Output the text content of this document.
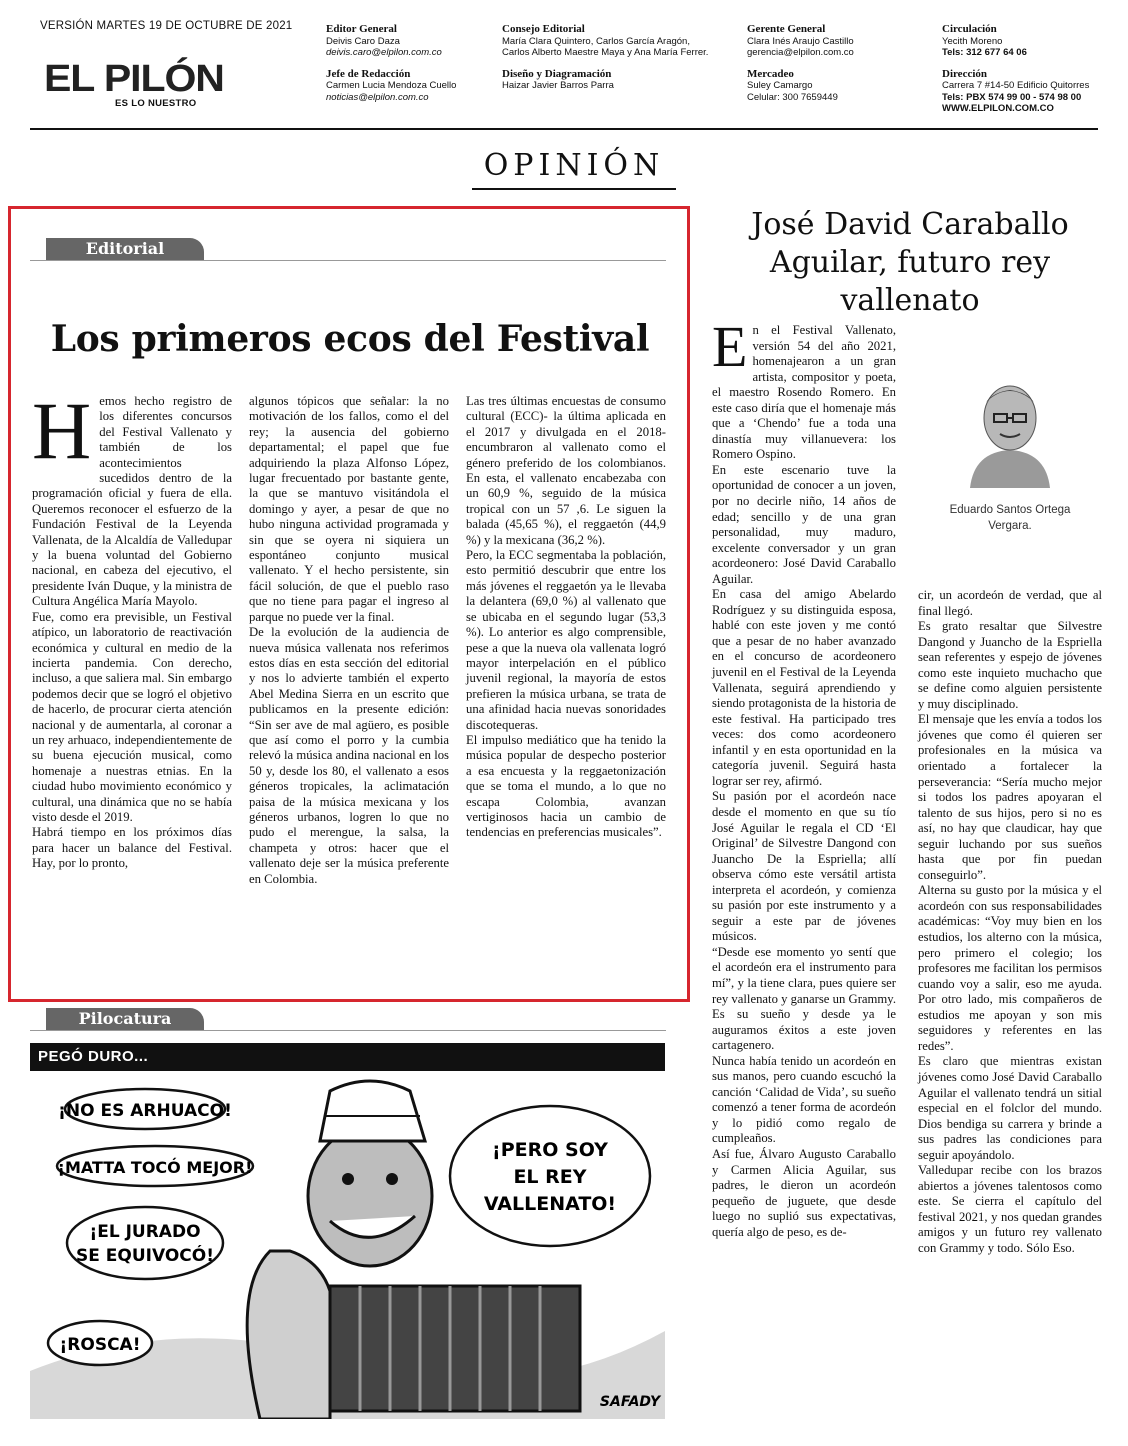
VERSIÓN MARTES 19 DE OCTUBRE DE 2021
EL PILÓN
ES LO NUESTRO
Editor General
Deivis Caro Daza
deivis.caro@elpilon.com.co
Jefe de Redacción
Carmen Lucia Mendoza Cuello
noticias@elpilon.com.co
Consejo Editorial
María Clara Quintero, Carlos García Aragón, Carlos Alberto Maestre Maya y Ana María Ferrer.
Diseño y Diagramación
Haizar Javier Barros Parra
Gerente General
Clara Inés Araujo Castillo
gerencia@elpilon.com.co
Mercadeo
Suley Camargo
Celular: 300 7659449
Circulación
Yecith Moreno
Tels: 312 677 64 06
Dirección
Carrera 7 #14-50 Edificio Quitorres
Tels: PBX 574 99 00 - 574 98 00
WWW.ELPILON.COM.CO
OPINIÓN
Editorial
Los primeros ecos del Festival
H emos hecho registro de los diferentes concursos del Festival Vallenato y también de los acontecimientos sucedidos dentro de la programación oficial y fuera de ella. Queremos reconocer el esfuerzo de la Fundación Festival de la Leyenda Vallenata, de la Alcaldía de Valledupar y la buena voluntad del Gobierno nacional, en cabeza del ejecutivo, el presidente Iván Duque, y la ministra de Cultura Angélica María Mayolo.

Fue, como era previsible, un Festival atípico, un laboratorio de reactivación económica y cultural en medio de la incierta pandemia. Con derecho, incluso, a que saliera mal. Sin embargo podemos decir que se logró el objetivo de hacerlo, de procurar cierta atención nacional y de aumentarla, al coronar a un rey arhuaco, independientemente de su buena ejecución musical, como homenaje a nuestras etnias. En la ciudad hubo movimiento económico y cultural, una dinámica que no se había visto desde el 2019.

Habrá tiempo en los próximos días para hacer un balance del Festival. Hay, por lo pronto,

algunos tópicos que señalar: la no motivación de los fallos, como el del rey; la ausencia del gobierno departamental; el papel que fue adquiriendo la plaza Alfonso López, lugar frecuentado por bastante gente, la que se mantuvo visitándola el domingo y ayer, a pesar de que no hubo ninguna actividad programada y sin que se oyera ni siquiera un espontáneo conjunto musical vallenato. Y el hecho persistente, sin fácil solución, de que el pueblo raso que no tiene para pagar el ingreso al parque no puede ver la final.

De la evolución de la audiencia de nueva música vallenata nos referimos estos días en esta sección del editorial y nos lo advierte también el experto Abel Medina Sierra en un escrito que publicamos en la presente edición: “Sin ser ave de mal agüero, es posible que así como el porro y la cumbia relevó la música andina nacional en los 50 y, desde los 80, el vallenato a esos géneros tropicales, la aclimatación paisa de la música mexicana y los géneros urbanos, logren lo que no pudo el merengue, la salsa, la champeta y otros: hacer que el vallenato deje ser la música preferente en Colombia.

Las tres últimas encuestas de consumo cultural (ECC)- la última aplicada en el 2017 y divulgada en el 2018- encumbraron al vallenato como el género preferido de los colombianos. En esta, el vallenato encabezaba con un 60,9 %, seguido de la música tropical con un 57 ,6. Le siguen la balada (45,65 %), el reggaetón (44,9 %) y la mexicana (36,2 %).

Pero, la ECC segmentaba la población, esto permitió descubrir que entre los más jóvenes el reggaetón ya le llevaba la delantera (69,0 %) al vallenato que se ubicaba en el segundo lugar (53,3 %). Lo anterior es algo comprensible, pese a que la nueva ola vallenata logró mayor interpelación en el público juvenil regional, la mayoría de estos prefieren la música urbana, se trata de una afinidad hacia nuevas sonoridades discotequeras.

El impulso mediático que ha tenido la música popular de despecho posterior a esa encuesta y la reggaetonización que se toma el mundo, a lo que no escapa Colombia, avanzan vertiginosos hacia un cambio de tendencias en preferencias musicales”.

Pilocatura
PEGÓ DURO...
¡NO ES ARHUACO!
¡MATTA TOCÓ MEJOR!
¡EL JURADO
SE EQUIVOCÓ!
¡ROSCA!
¡PERO SOY
EL REY
VALLENATO!
SAFADY
José David Caraballo Aguilar, futuro rey vallenato
Eduardo Santos Ortega Vergara.
E n el Festival Vallenato, versión 54 del año 2021, homenajearon a un gran artista, compositor y poeta, el maestro Rosendo Romero. En este caso diría que el homenaje más que a ‘Chendo’ fue a toda una dinastía muy villanuevera: los Romero Ospino.

En este escenario tuve la oportunidad de conocer a un joven, por no decirle niño, 14 años de edad; sencillo y de una gran personalidad, muy maduro, excelente conversador y un gran acordeonero: José David Caraballo Aguilar.

En casa del amigo Abelardo Rodríguez y su distinguida esposa, hablé con este joven y me contó que a pesar de no haber avanzado en el concurso de acordeonero juvenil en el Festival de la Leyenda Vallenata, seguirá aprendiendo y siendo protagonista de la historia de este festival. Ha participado tres veces: dos como acordeonero infantil y en esta oportunidad en la categoría juvenil. Seguirá hasta lograr ser rey, afirmó.

Su pasión por el acordeón nace desde el momento en que su tío José Aguilar le regala el CD ‘El Original’ de Silvestre Dangond con Juancho De la Espriella; allí observa cómo este versátil artista interpreta el acordeón, y comienza su pasión por este instrumento y a seguir a este par de jóvenes músicos.

“Desde ese momento yo sentí que el acordeón era el instrumento para mí”, y la tiene clara, pues quiere ser rey vallenato y ganarse un Grammy. Es su sueño y desde ya le auguramos éxitos a este joven cartagenero.

Nunca había tenido un acordeón en sus manos, pero cuando escuchó la canción ‘Calidad de Vida’, su sueño comenzó a tener forma de acordeón y lo pidió como regalo de cumpleaños.

Así fue, Álvaro Augusto Caraballo y Carmen Alicia Aguilar, sus padres, le dieron un acordeón pequeño de juguete, que desde luego no suplió sus expectativas, quería algo de peso, es de-

cir, un acordeón de verdad, que al final llegó.

Es grato resaltar que Silvestre Dangond y Juancho de la Espriella sean referentes y espejo de jóvenes como este inquieto muchacho que se define como alguien persistente y muy disciplinado.

El mensaje que les envía a todos los jóvenes que como él quieren ser profesionales en la música va orientado a fortalecer la perseverancia: “Sería mucho mejor si todos los padres apoyaran el talento de sus hijos, pero si no es así, no hay que claudicar, hay que seguir luchando por sus sueños hasta que por fin puedan conseguirlo”.

Alterna su gusto por la música y el acordeón con sus responsabilidades académicas: “Voy muy bien en los estudios, los alterno con la música, pero primero el colegio; los profesores me facilitan los permisos cuando voy a salir, eso me ayuda. Por otro lado, mis compañeros de estudios me apoyan y son mis seguidores y referentes en las redes”.

Es claro que mientras existan jóvenes como José David Caraballo Aguilar el vallenato tendrá un sitial especial en el folclor del mundo. Dios bendiga su carrera y brinde a sus padres las condiciones para seguir apoyándolo.

Valledupar recibe con los brazos abiertos a jóvenes talentosos como este. Se cierra el capítulo del festival 2021, y nos quedan grandes amigos y un futuro rey vallenato con Grammy y todo. Sólo Eso.
